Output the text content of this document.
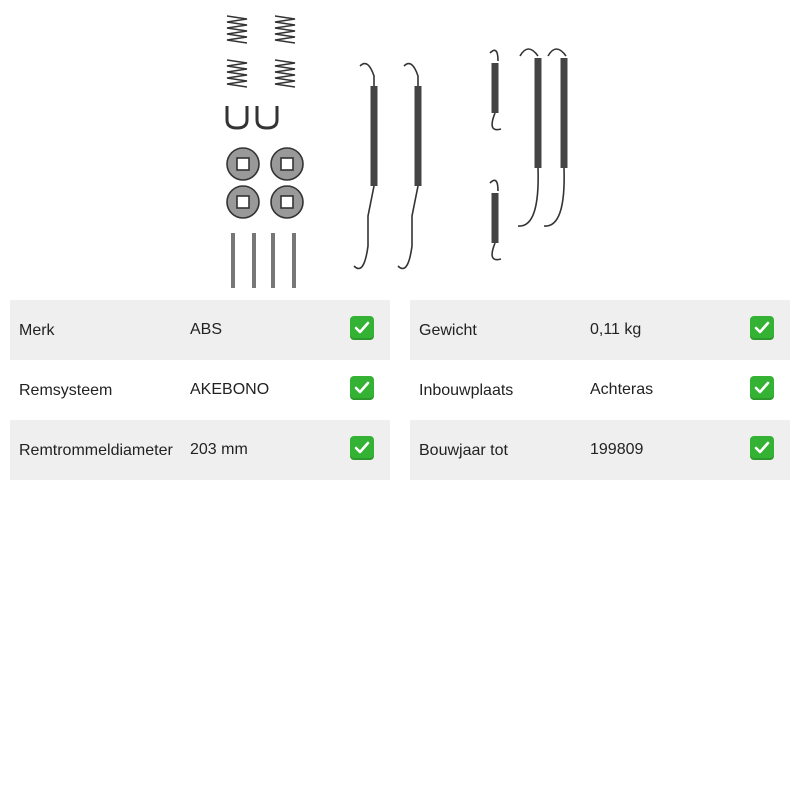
Merk	ABS
Remsysteem	AKEBONO
Remtrommeldiameter 203 mm
Gewicht	0,11 kg
Inbouwplaats	Achteras
Bouwjaar tot	199809
